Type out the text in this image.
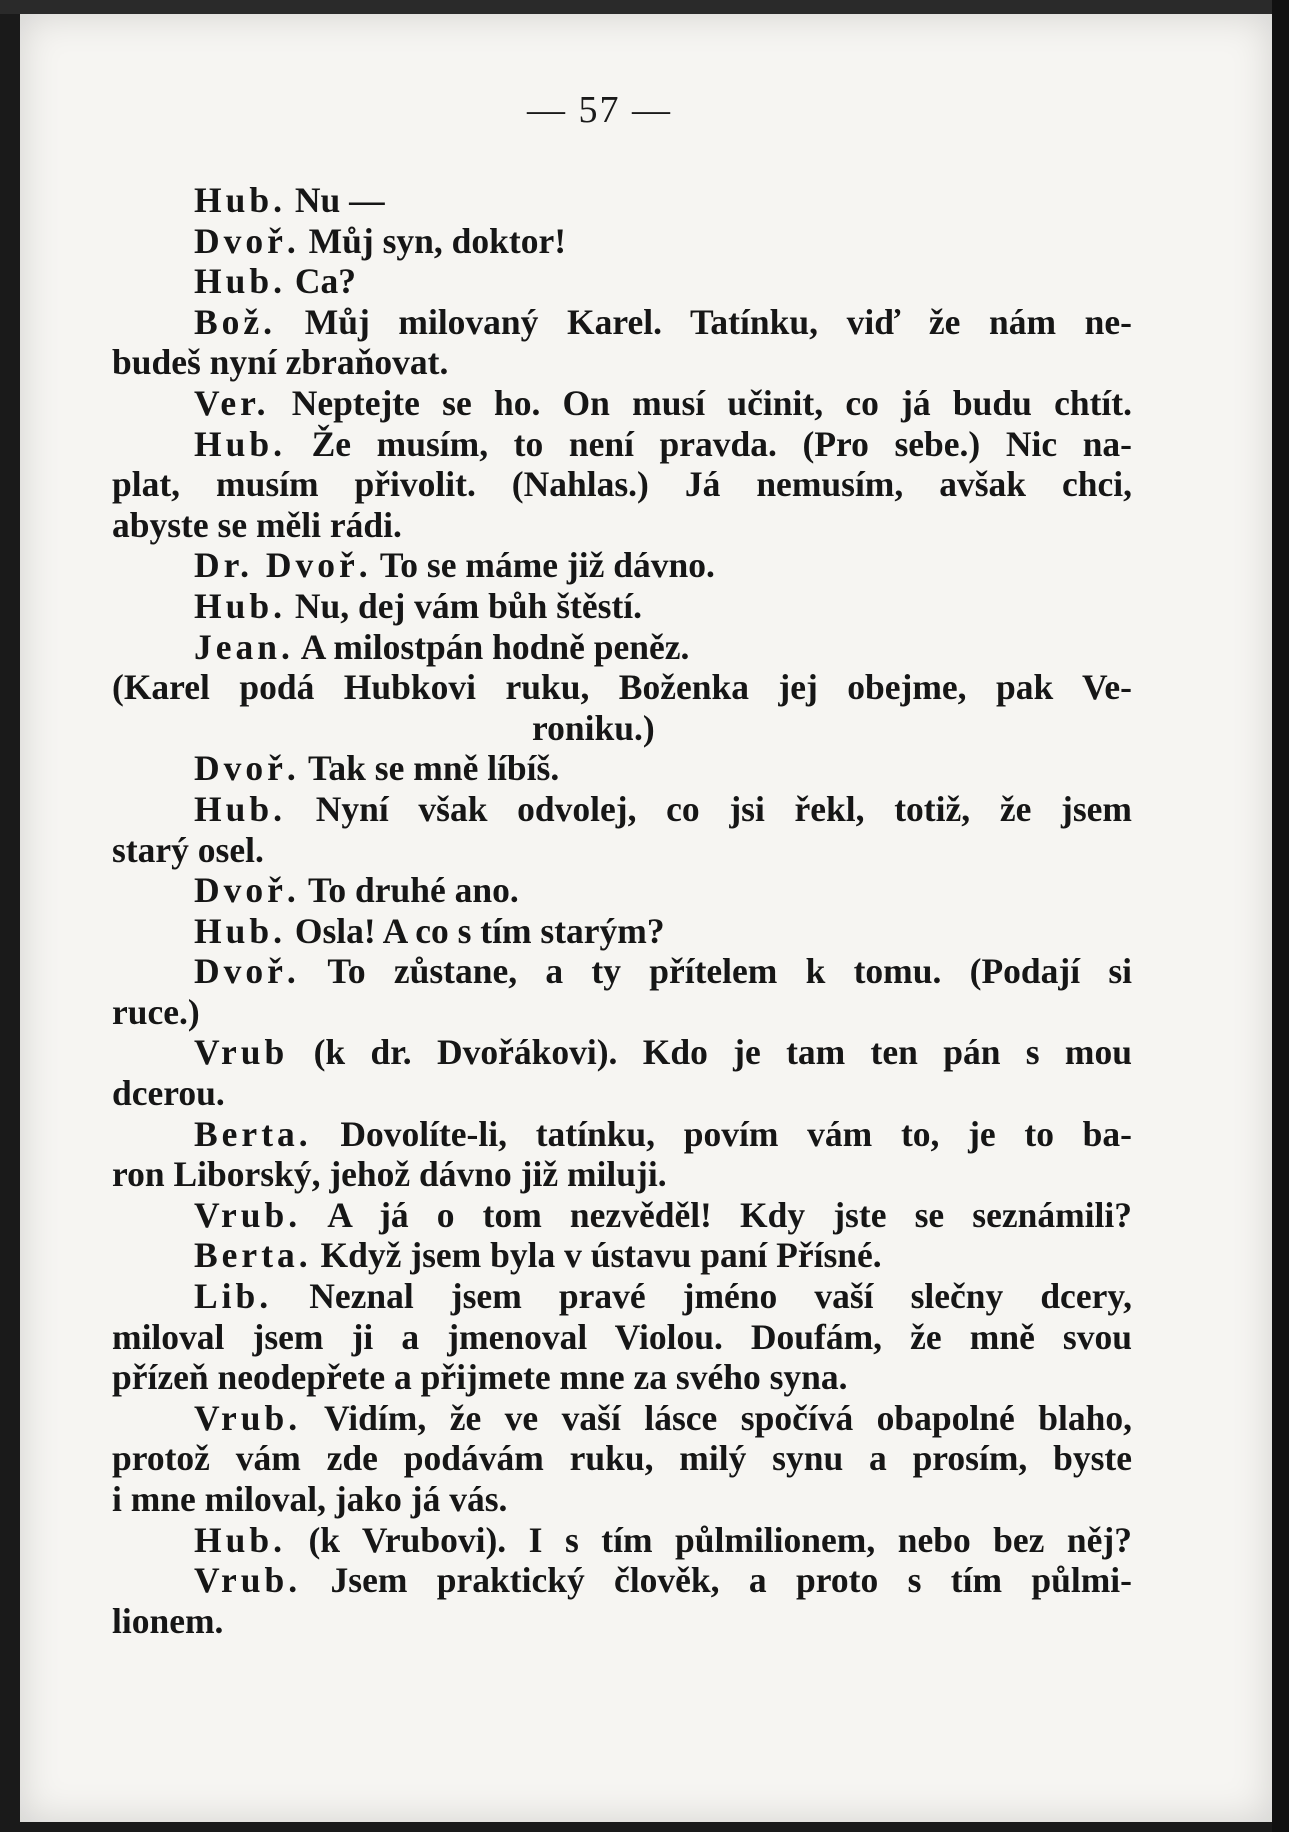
— 57 —
Hub. Nu —
Dvoř. Můj syn, doktor!
Hub. Ca?
Bož. Můj milovaný Karel. Tatínku, viď že nám ne-
budeš nyní zbraňovat.
Ver. Neptejte se ho. On musí učinit, co já budu chtít.
Hub. Že musím, to není pravda. (Pro sebe.) Nic na-
plat, musím přivolit. (Nahlas.) Já nemusím, avšak chci,
abyste se měli rádi.
Dr. Dvoř. To se máme již dávno.
Hub. Nu, dej vám bůh štěstí.
Jean. A milostpán hodně peněz.
(Karel podá Hubkovi ruku, Boženka jej obejme, pak Ve-
roniku.)
Dvoř. Tak se mně líbíš.
Hub. Nyní však odvolej, co jsi řekl, totiž, že jsem
starý osel.
Dvoř. To druhé ano.
Hub. Osla! A co s tím starým?
Dvoř. To zůstane, a ty přítelem k tomu. (Podají si
ruce.)
Vrub (k dr. Dvořákovi). Kdo je tam ten pán s mou
dcerou.
Berta. Dovolíte-li, tatínku, povím vám to, je to ba-
ron Liborský, jehož dávno již miluji.
Vrub. A já o tom nezvěděl! Kdy jste se seznámili?
Berta. Když jsem byla v ústavu paní Přísné.
Lib. Neznal jsem pravé jméno vaší slečny dcery,
miloval jsem ji a jmenoval Violou. Doufám, že mně svou
přízeň neodepřete a přijmete mne za svého syna.
Vrub. Vidím, že ve vaší lásce spočívá obapolné blaho,
protož vám zde podávám ruku, milý synu a prosím, byste
i mne miloval, jako já vás.
Hub. (k Vrubovi). I s tím půlmilionem, nebo bez něj?
Vrub. Jsem praktický člověk, a proto s tím půlmi-
lionem.
